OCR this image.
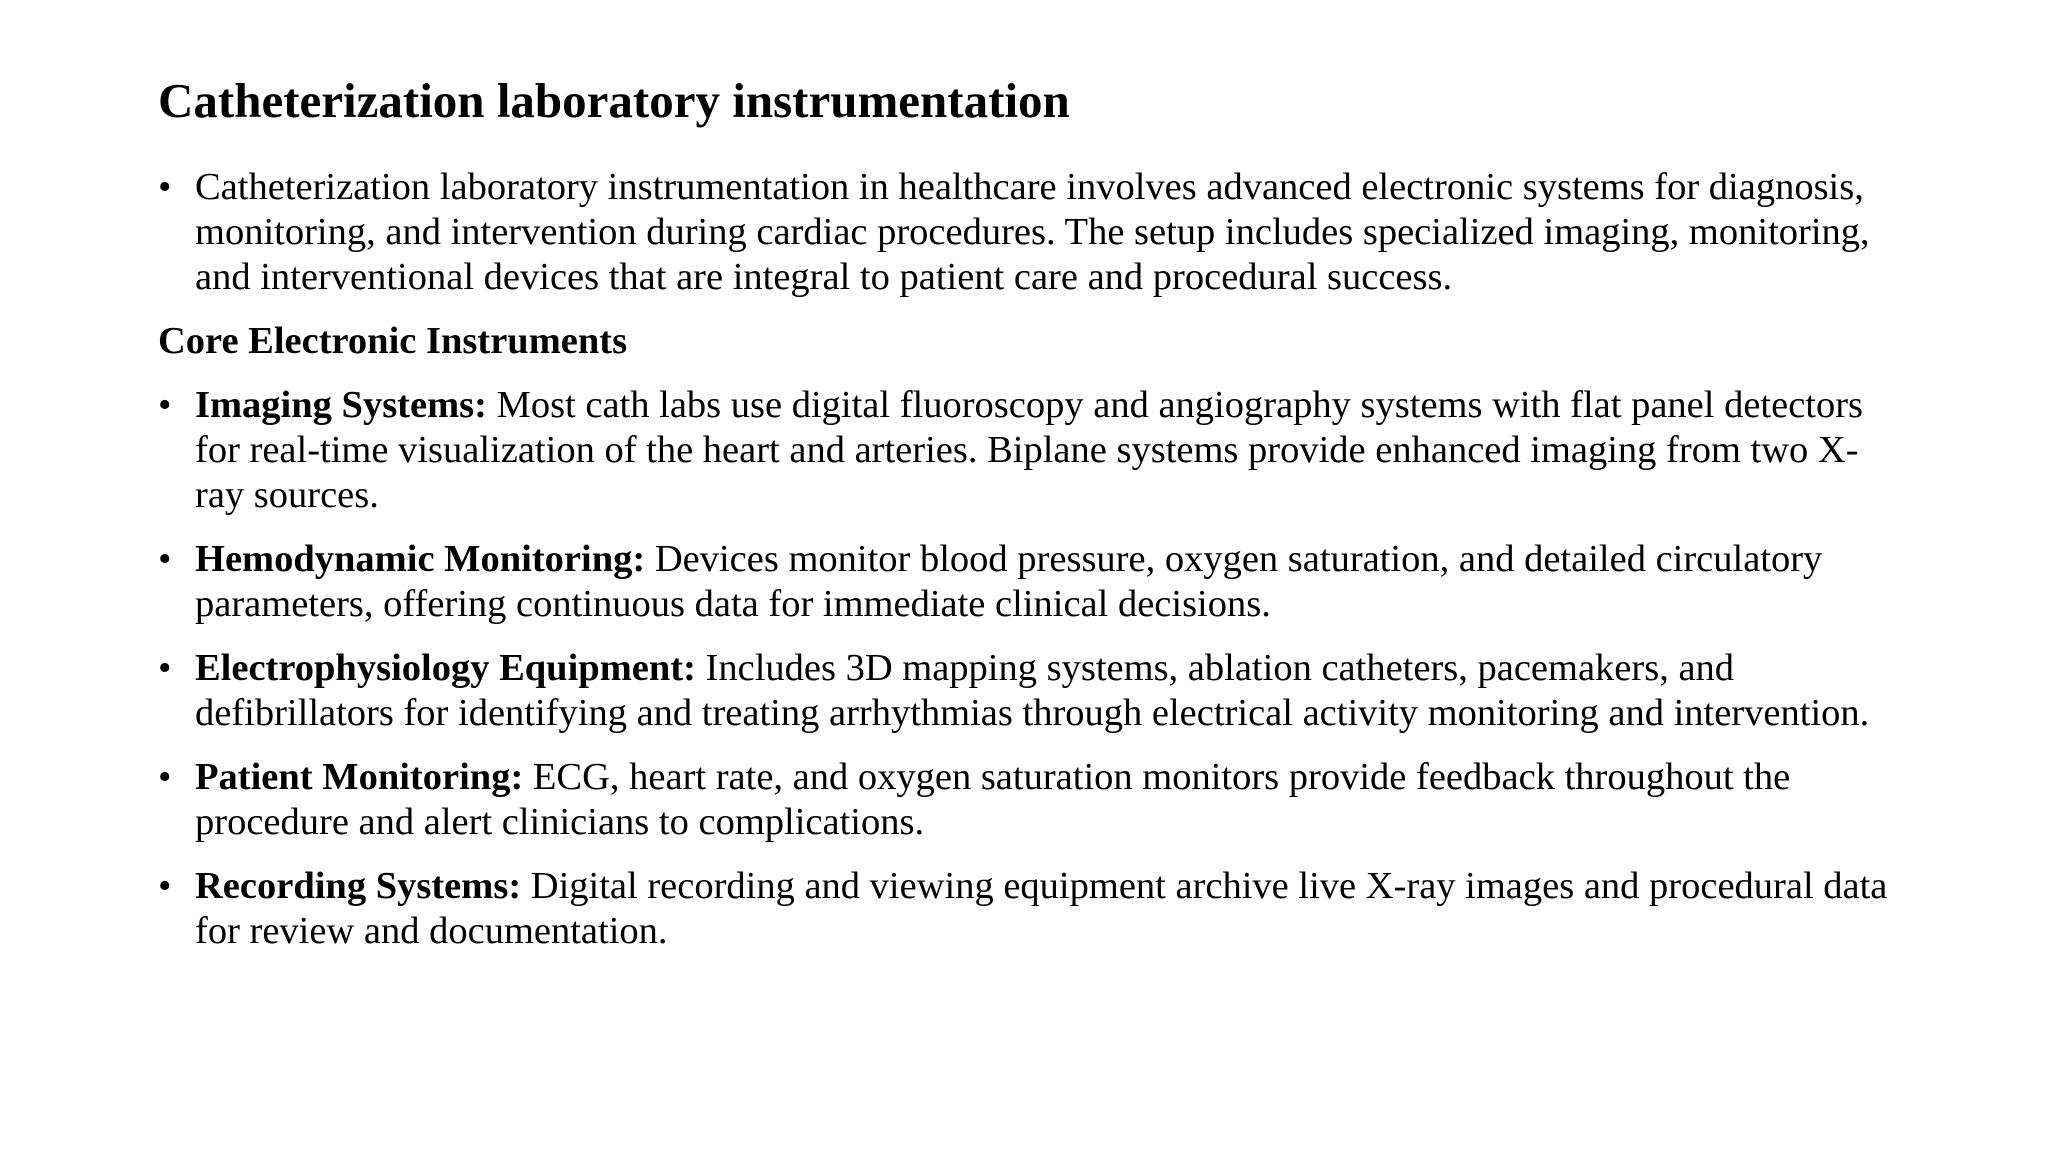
Catheterization laboratory instrumentation
• Catheterization laboratory instrumentation in healthcare involves advanced electronic systems for diagnosis, monitoring, and intervention during cardiac procedures. The setup includes specialized imaging, monitoring, and interventional devices that are integral to patient care and procedural success.
Core Electronic Instruments
• Imaging Systems: Most cath labs use digital fluoroscopy and angiography systems with flat panel detectors for real-time visualization of the heart and arteries. Biplane systems provide enhanced imaging from two X-ray sources.
• Hemodynamic Monitoring: Devices monitor blood pressure, oxygen saturation, and detailed circulatory parameters, offering continuous data for immediate clinical decisions.
• Electrophysiology Equipment: Includes 3D mapping systems, ablation catheters, pacemakers, and defibrillators for identifying and treating arrhythmias through electrical activity monitoring and intervention.
• Patient Monitoring: ECG, heart rate, and oxygen saturation monitors provide feedback throughout the procedure and alert clinicians to complications.
• Recording Systems: Digital recording and viewing equipment archive live X-ray images and procedural data for review and documentation.
